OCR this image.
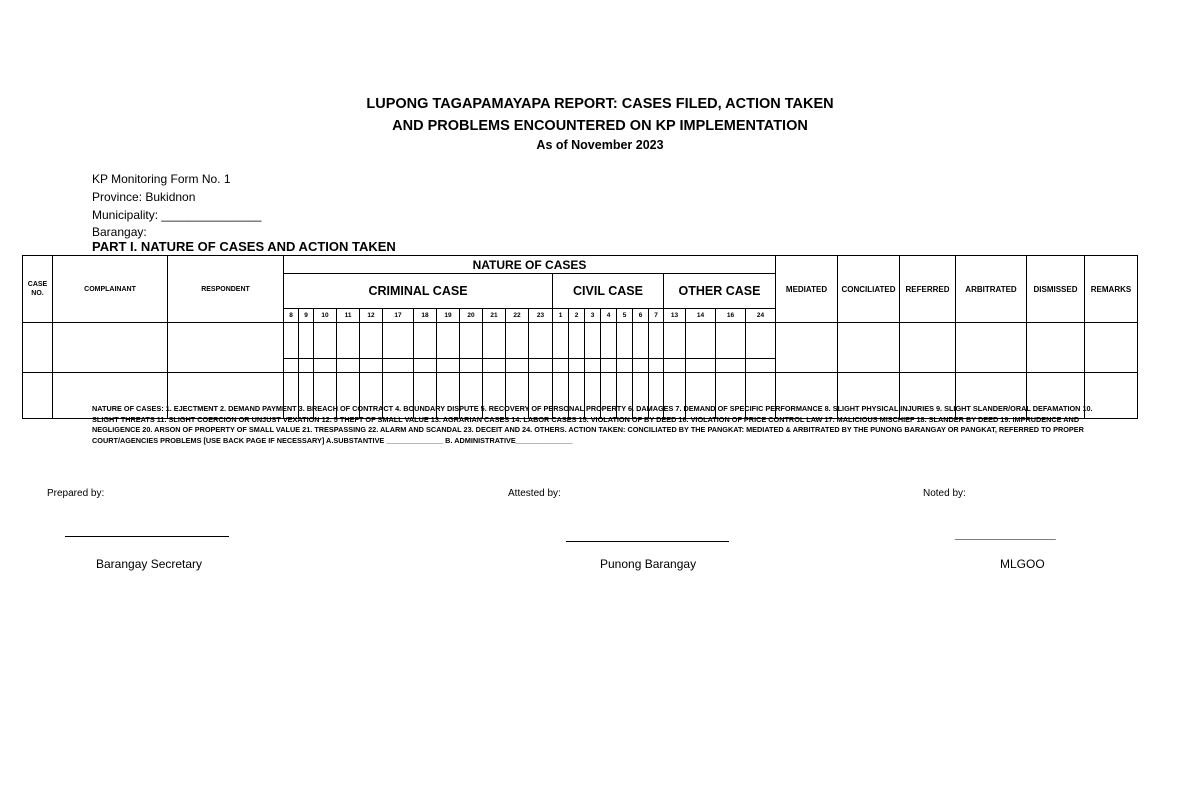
LUPONG TAGAPAMAYAPA REPORT: CASES FILED, ACTION TAKEN
AND PROBLEMS ENCOUNTERED ON KP IMPLEMENTATION
As of November 2023
KP Monitoring Form No. 1
Province: Bukidnon
Municipality: _______________
Barangay:
PART I. NATURE OF CASES AND ACTION TAKEN
CASE
NO.	COMPLAINANT	RESPONDENT	NATURE OF CASES																							MEDIATED	CONCILIATED	REFERRED	ARBITRATED	DISMISSED	REMARKS
			CRIMINAL CASE												CIVIL CASE							OTHER CASE									
			8	9	10	11	12	17	18	19	20	21	22	23	1	2	3	4	5	6	7	13	14	16	24						

NATURE OF CASES: 1. EJECTMENT 2. DEMAND PAYMENT 3. BREACH OF CONTRACT 4. BOUNDARY DISPUTE 5. RECOVERY OF PERSONAL PROPERTY 6. DAMAGES 7. DEMAND OF SPECIFIC PERFORMANCE 8. SLIGHT PHYSICAL INJURIES 9. SLIGHT SLANDER/ORAL DEFAMATION 10. SLIGHT THREATS 11. SLIGHT COERCION OR UNJUST VEXATION 12. 5 THEFT OF SMALL VALUE 13. AGRARIAN CASES 14. LABOR CASES 15. VIOLATION OF BY DEED 16. VIOLATION OF PRICE CONTROL LAW 17. MALICIOUS MISCHIEF 18. SLANDER BY DEED 19. IMPRUDENCE AND NEGLIGENCE 20. ARSON OF PROPERTY OF SMALL VALUE 21. TRESPASSING 22. ALARM AND SCANDAL 23. DECEIT AND 24. OTHERS. ACTION TAKEN: CONCILIATED BY THE PANGKAT: MEDIATED & ARBITRATED BY THE PUNONG BARANGAY OR PANGKAT, REFERRED TO PROPER COURT/AGENCIES PROBLEMS [USE BACK PAGE IF NECESSARY] A.SUBSTANTIVE ______________ B. ADMINISTRATIVE______________
Prepared by:	Attested by:	Noted by:
________________
Barangay Secretary	Punong Barangay	MLGOO
